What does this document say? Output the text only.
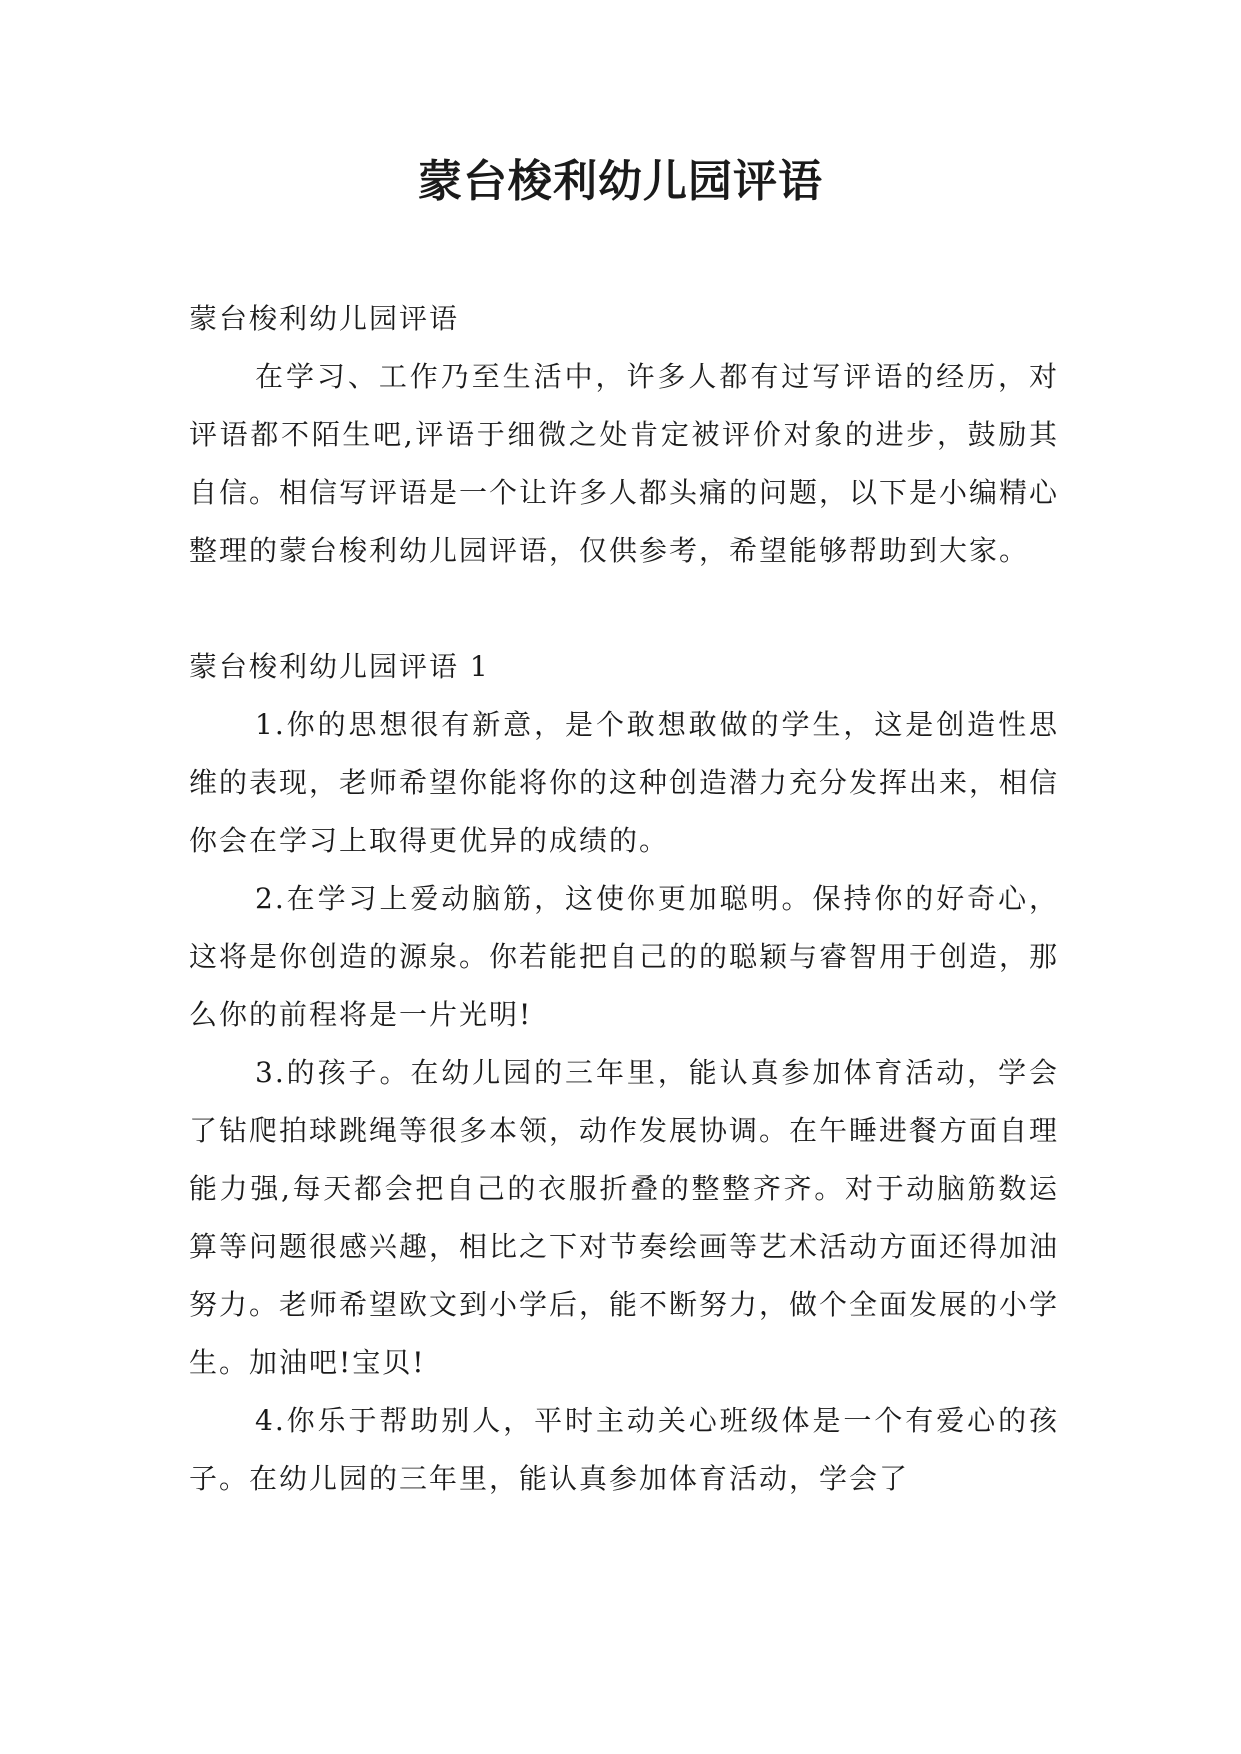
蒙台梭利幼儿园评语

蒙台梭利幼儿园评语

在学习、工作乃至生活中，许多人都有过写评语的经历，对评语都不陌生吧,评语于细微之处肯定被评价对象的进步，鼓励其自信。相信写评语是一个让许多人都头痛的问题，以下是小编精心整理的蒙台梭利幼儿园评语，仅供参考，希望能够帮助到大家。

蒙台梭利幼儿园评语 1

1.你的思想很有新意，是个敢想敢做的学生，这是创造性思维的表现，老师希望你能将你的这种创造潜力充分发挥出来，相信你会在学习上取得更优异的成绩的。

2.在学习上爱动脑筋，这使你更加聪明。保持你的好奇心，这将是你创造的源泉。你若能把自己的的聪颖与睿智用于创造，那么你的前程将是一片光明!

3.的孩子。在幼儿园的三年里，能认真参加体育活动，学会了钻爬拍球跳绳等很多本领，动作发展协调。在午睡进餐方面自理能力强,每天都会把自己的衣服折叠的整整齐齐。对于动脑筋数运算等问题很感兴趣，相比之下对节奏绘画等艺术活动方面还得加油努力。老师希望欧文到小学后，能不断努力，做个全面发展的小学生。加油吧!宝贝!

4.你乐于帮助别人，平时主动关心班级体是一个有爱心的孩子。在幼儿园的三年里，能认真参加体育活动，学会了
